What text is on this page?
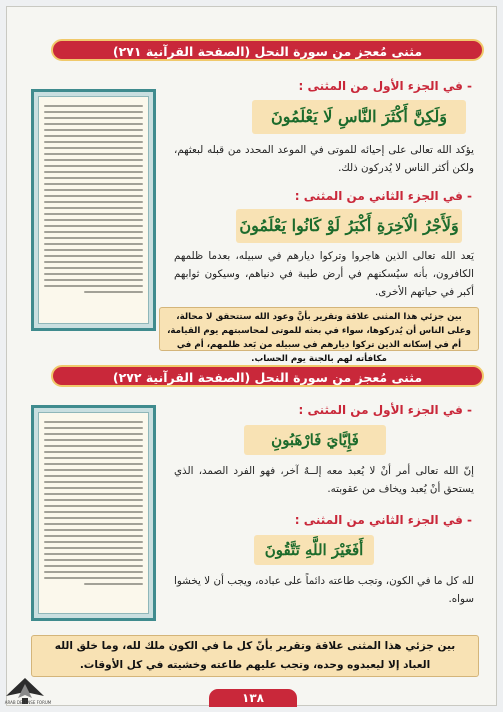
مثنى مُعجز من سورة النحل (الصفحة القرآنية ٢٧١)
- في الجزء الأول من المثنى :
وَلَكِنَّ أَكْثَرَ النَّاسِ لَا يَعْلَمُونَ
يؤكد الله تعالى على إحيائه للموتى في الموعد المحدد من قبله لبعثهم، ولكن أكثر الناس لا يُدركون ذلك.
- في الجزء الثاني من المثنى :
وَلَأَجْرُ الْآخِرَةِ أَكْبَرُ لَوْ كَانُوا يَعْلَمُونَ
يَعد الله تعالى الذين هاجروا وتركوا ديارهم في سبيله، بعدما ظلمهم الكافرون، بأنه سيُسكنهم في أرض طيبة في دنياهم، وسيكون ثوابهم أكبر في حياتهم الأخرى.
بين جزئي هذا المثنى علاقة وتقرير بأنَّ وعود الله ستتحقق لا محالة، وعلى الناس أن يُدركوها، سواء في بعثه للموتى لمحاسبتهم يوم القيامة، أم في إسكانه الذين تركوا ديارهم في سبيله من بَعد ظلمهم، أم في مكافأته لهم بالجنة يوم الحساب.
مثنى مُعجز من سورة النحل (الصفحة القرآنية ٢٧٢)
- في الجزء الأول من المثنى :
فَإِيَّايَ فَارْهَبُونِ
إنّ الله تعالى أمر أنْ لا يُعبد معه إلــهٌ آخر، فهو الفرد الصمد، الذي يستحق أنْ يُعبد ويخاف من عقوبته.
- في الجزء الثاني من المثنى :
أَفَغَيْرَ اللَّهِ تَتَّقُونَ
لله كل ما في الكون، وتجب طاعته دائماً على عباده، ويجب أن لا يخشوا سواه.
بين جزئي هذا المثنى علاقة وتقرير بأنّ كل ما في الكون ملك لله، وما خلق الله العباد إلا ليعبدوه وحده، وتجب عليهم طاعته وخشيته في كل الأوقات.
١٣٨
ARAB DEFENSE FORUM
